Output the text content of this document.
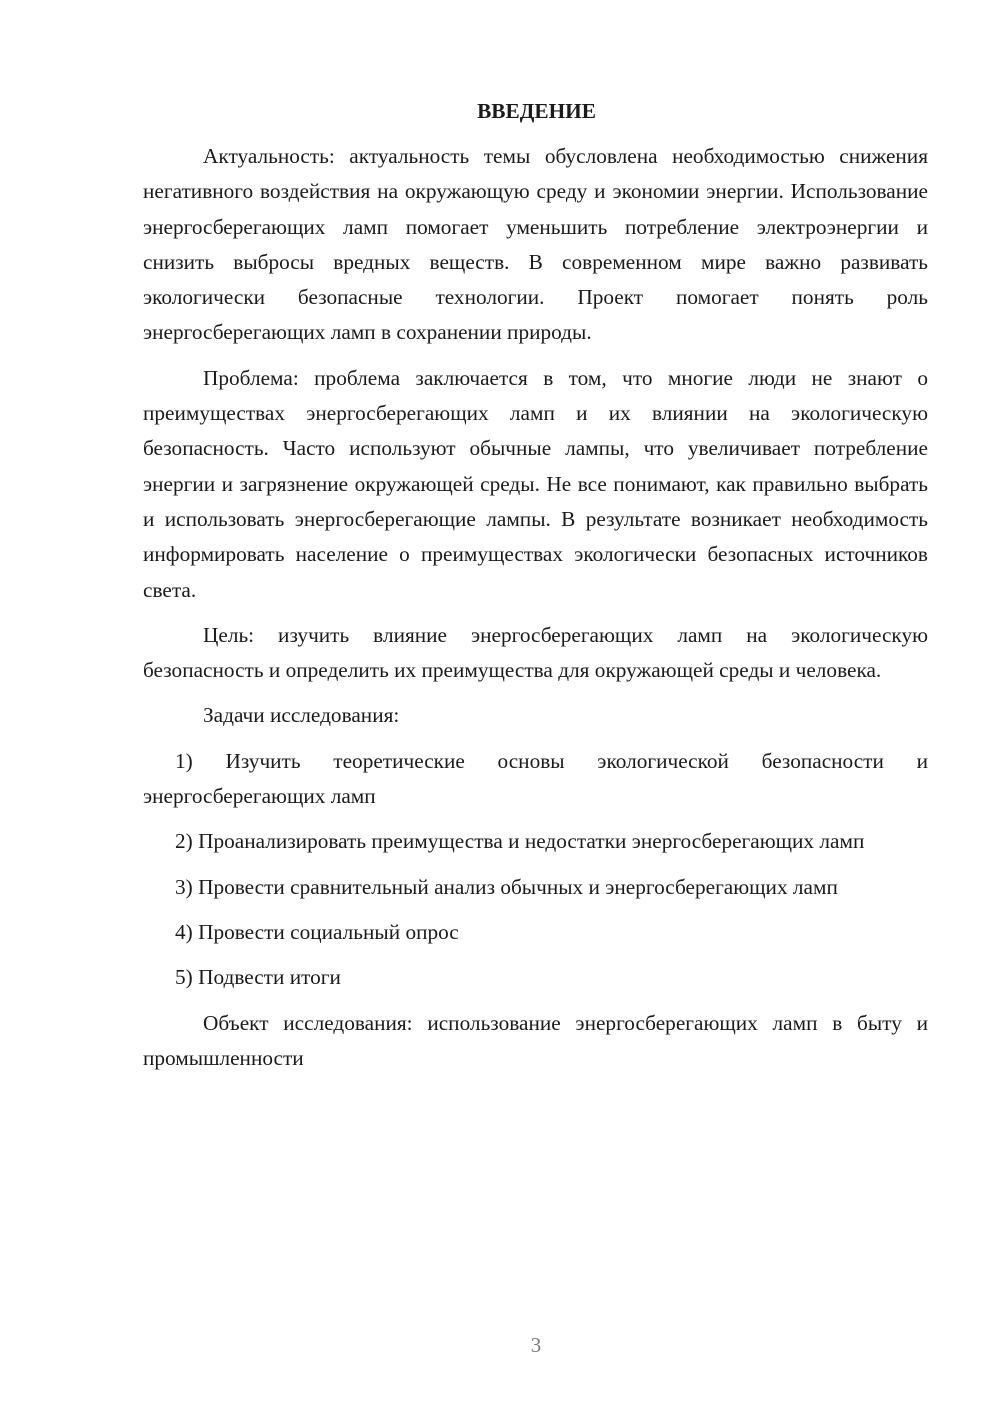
ВВЕДЕНИЕ

Актуальность: актуальность темы обусловлена необходимостью снижения негативного воздействия на окружающую среду и экономии энергии. Использование энергосберегающих ламп помогает уменьшить потребление электроэнергии и снизить выбросы вредных веществ. В современном мире важно развивать экологически безопасные технологии. Проект помогает понять роль энергосберегающих ламп в сохранении природы.

Проблема: проблема заключается в том, что многие люди не знают о преимуществах энергосберегающих ламп и их влиянии на экологическую безопасность. Часто используют обычные лампы, что увеличивает потребление энергии и загрязнение окружающей среды. Не все понимают, как правильно выбрать и использовать энергосберегающие лампы. В результате возникает необходимость информировать население о преимуществах экологически безопасных источников света.

Цель: изучить влияние энергосберегающих ламп на экологическую безопасность и определить их преимущества для окружающей среды и человека.

Задачи исследования:

1) Изучить теоретические основы экологической безопасности и энергосберегающих ламп

2) Проанализировать преимущества и недостатки энергосберегающих ламп

3) Провести сравнительный анализ обычных и энергосберегающих ламп

4) Провести социальный опрос

5) Подвести итоги

Объект исследования: использование энергосберегающих ламп в быту и промышленности

3
